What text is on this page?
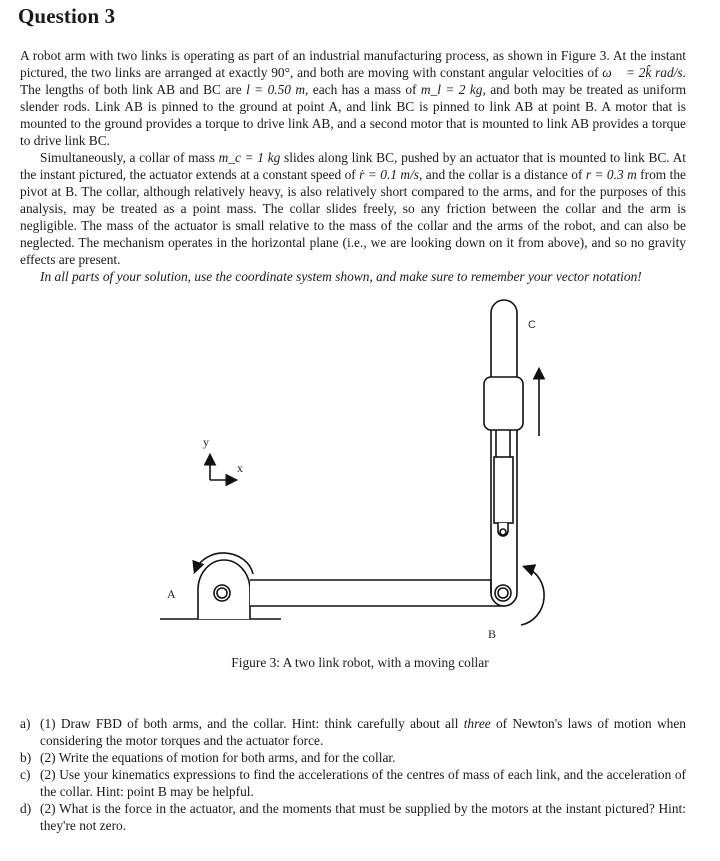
Question 3

A robot arm with two links is operating as part of an industrial manufacturing process, as shown in Figure 3. At the instant pictured, the two links are arranged at exactly 90°, and both are moving with constant angular velocities of ω⃗ = 2k̂ rad/s. The lengths of both link AB and BC are l = 0.50 m, each has a mass of m_l = 2 kg, and both may be treated as uniform slender rods. Link AB is pinned to the ground at point A, and link BC is pinned to link AB at point B. A motor that is mounted to the ground provides a torque to drive link AB, and a second motor that is mounted to link AB provides a torque to drive link BC.

Simultaneously, a collar of mass m_c = 1 kg slides along link BC, pushed by an actuator that is mounted to link BC. At the instant pictured, the actuator extends at a constant speed of ṙ = 0.1 m/s, and the collar is a distance of r = 0.3 m from the pivot at B. The collar, although relatively heavy, is also relatively short compared to the arms, and for the purposes of this analysis, may be treated as a point mass. The collar slides freely, so any friction between the collar and the arm is negligible. The mass of the actuator is small relative to the mass of the collar and the arms of the robot, and can also be neglected. The mechanism operates in the horizontal plane (i.e., we are looking down on it from above), and so no gravity effects are present.

In all parts of your solution, use the coordinate system shown, and make sure to remember your vector notation!

y
x
A
B
C
Figure 3: A two link robot, with a moving collar
a) (1) Draw FBD of both arms, and the collar. Hint: think carefully about all three of Newton's laws of motion when considering the motor torques and the actuator force.
b) (2) Write the equations of motion for both arms, and for the collar.
c) (2) Use your kinematics expressions to find the accelerations of the centres of mass of each link, and the acceleration of the collar. Hint: point B may be helpful.
d) (2) What is the force in the actuator, and the moments that must be supplied by the motors at the instant pictured? Hint: they're not zero.
